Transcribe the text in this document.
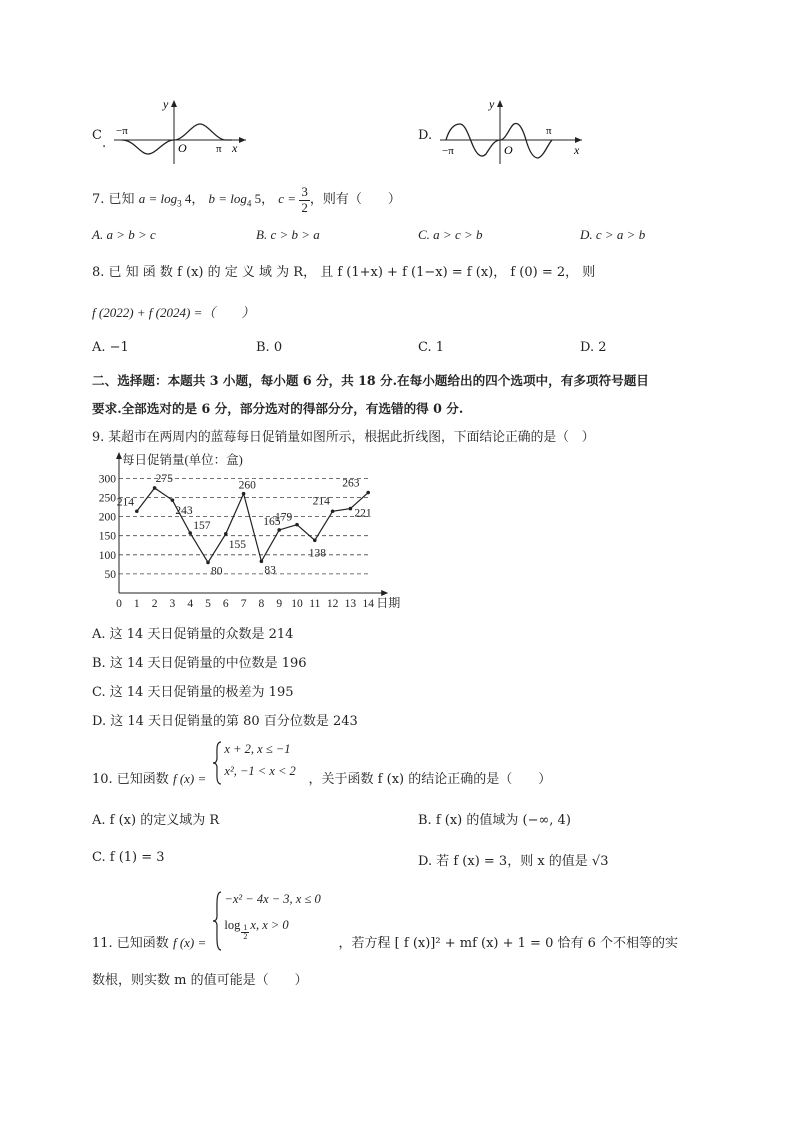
C
.
−π
π
O	x
y
D.
−π
π
O	x
y
7. 已知 $a = \log_3 4$， $b = \log_4 5$， $c = \frac{3}{2}$ ，则有（　　）
A. a > b > c	B. c > b > a	C. a > c > b	D. c > a > b
8. 已 知 函 数 f (x) 的 定 义 域 为 R， 且 f (1+x) + f (1−x) = f (x)， f (0) = 2， 则
f (2022) + f (2024) =（　　）
A. −1	B. 0	C. 1	D. 2
二、选择题：本题共 3 小题，每小题 6 分，共 18 分.在每小题给出的四个选项中，有多项符号题目
要求.全部选对的是 6 分，部分选对的得部分分，有选错的得 0 分.
9. 某超市在两周内的蓝莓每日促销量如图所示，根据此折线图，下面结论正确的是（　）
每日促销量(单位：盒)
50
100
150
200
250
300
0 1 2 3 4 5 6 7 8 9 10 11 12 13 14 日期
214
275
243
157
80
155
260
83
165
179
138
214
221
263
A. 这 14 天日促销量的众数是 214
B. 这 14 天日促销量的中位数是 196
C. 这 14 天日促销量的极差为 195
D. 这 14 天日促销量的第 80 百分位数是 243
10. 已知函数 f (x) =
x + 2, x ≤ −1
x², −1 < x < 2
，关于函数 f (x) 的结论正确的是（　　）
A. f (x) 的定义域为 R	B. f (x) 的值域为 (−∞, 4)
C. f (1) = 3	D. 若 f (x) = 3，则 x 的值是 √3
11. 已知函数 f (x) =
−x² − 4x − 3, x ≤ 0
$\log \frac{1}{2} x$, x > 0
，若方程 [ f (x)]² + mf (x) + 1 = 0 恰有 6 个不相等的实
数根，则实数 m 的值可能是（　　）
